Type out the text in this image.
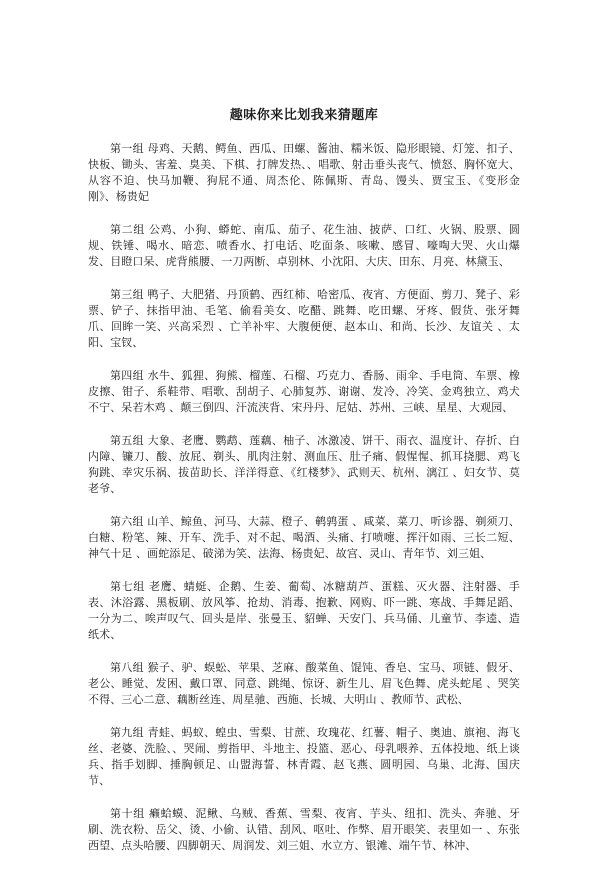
趣味你来比划我来猜题库

第一组 母鸡、天鹅、鳄鱼、西瓜、田螺、酱油、糯米饭、隐形眼镜、灯笼、扣子、快板、锄头、害羞、臭美、下棋、打牌发热、、唱歌、射击垂头丧气、愤怒、胸怀宽大、从容不迫、快马加鞭、狗屁不通、周杰伦、陈佩斯、青岛、馒头、贾宝玉、《变形金刚》、杨贵妃

第二组 公鸡、小狗、蟒蛇、南瓜、茄子、花生油、披萨、口红、火锅、股票、圆规、铁锤、喝水、暗恋、喷香水、打电话、吃面条、咳嗽、感冒、嚎啕大哭、火山爆发、目瞪口呆、虎背熊腰、一刀两断、卓别林、小沈阳、大庆、田东、月亮、林黛玉、

第三组 鸭子、大肥猪、丹顶鹤、西红柿、哈密瓜、夜宵、方便面、剪刀、凳子、彩票、铲子、抹指甲油、毛笔、偷看美女、吃醋、跳舞、吃田螺、牙疼、假货、张牙舞爪、回眸一笑、兴高采烈 、亡羊补牢、大腹便便、赵本山、和尚、长沙、友谊关 、太阳、宝钗、

第四组 水牛、狐狸、狗熊、榴莲、石榴、巧克力、香肠、雨伞、手电筒、车票、橡皮擦、钳子、系鞋带、唱歌、刮胡子、心肺复苏、谢谢、发冷、冷笑、金鸡独立、鸡犬不宁、呆若木鸡 、颠三倒四、汗流浃背、宋丹丹、尼姑、苏州、三峡、星星、大观园、

第五组 大象、老鹰、鹦鹉、莲藕、柚子、冰激凌、饼干、雨衣、温度计、存折、白内障、镰刀、酸、放屁、剃头、肌肉注射、测血压、肚子痛、假惺惺、抓耳挠腮、鸡飞狗跳、幸灾乐祸、拔苗助长、洋洋得意、《红楼梦》、武则天、杭州、漓江 、妇女节、莫老爷、

第六组 山羊、鲸鱼、河马、大蒜、橙子、鹌鹑蛋 、咸菜、菜刀、听诊器、剃须刀、白糖、粉笔、辣、开车、洗手、对不起、喝酒、头痛、打喷嚏、挥汗如雨、三长二短、神气十足 、画蛇添足、破涕为笑、法海、杨贵妃、故宫、灵山、青年节、刘三姐、

第七组 老鹰、蜻蜓、企鹅、生姜、葡萄、冰糖葫芦、蛋糕、灭火器、注射器、手表、沐浴露、黑板刷、放风筝、抢劫、消毒、抱歉、网购、吓一跳、寒战、手舞足蹈、一分为二、唉声叹气、回头是岸、张曼玉、貂蝉、天安门、兵马俑、儿童节、李逵、造纸术、

第八组 猴子、驴、蜈蚣、苹果、芝麻、酸菜鱼、馄饨、香皂、宝马、项链、假牙、老公、睡觉、发困、戴口罩、同意、跳绳、惊讶、新生儿、眉飞色舞、虎头蛇尾 、哭笑不得、三心二意、藕断丝连、周星驰、西施、长城、大明山 、教师节、武松、

第九组 青蛙、蚂蚁、蝗虫、雪梨、甘蔗、玫瑰花、红薯、帽子、奥迪、旗袍、海飞丝、老婆、洗脸、、哭闹、剪指甲、斗地主、投篮、恶心、母乳喂养、五体投地、纸上谈兵、指手划脚、捶胸顿足、山盟海誓、林青霞、赵飞燕、圆明园、乌巢、北海、国庆节、

第十组 癞蛤蟆、泥鳅、乌贼、香蕉、雪梨、夜宵、芋头、纽扣、洗头、奔驰、牙刷、洗衣粉、岳父、烫、小偷、认错、刮风、呕吐、作弊、眉开眼笑、表里如一 、东张西望、点头哈腰、四脚朝天、周润发、刘三姐、水立方、银滩、端午节、林冲、
